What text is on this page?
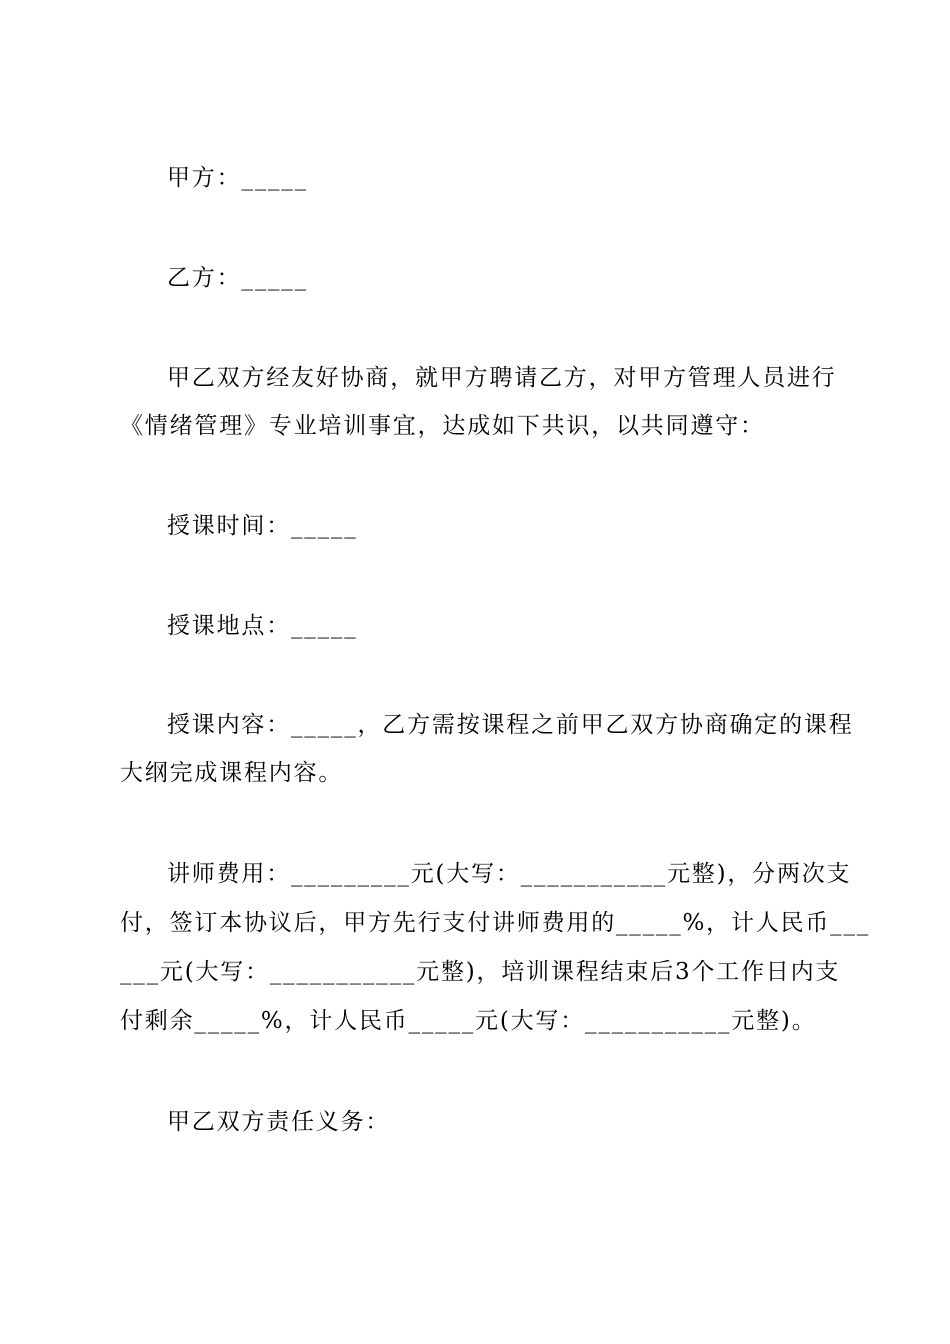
甲方：_____
乙方：_____
甲乙双方经友好协商，就甲方聘请乙方，对甲方管理人员进行
《情绪管理》专业培训事宜，达成如下共识，以共同遵守：
授课时间：_____
授课地点：_____
授课内容：_____，乙方需按课程之前甲乙双方协商确定的课程
大纲完成课程内容。
讲师费用：_________元(大写：___________元整)，分两次支
付，签订本协议后，甲方先行支付讲师费用的_____%，计人民币___
___元(大写：___________元整)，培训课程结束后3个工作日内支
付剩余_____%，计人民币_____元(大写：___________元整)。
甲乙双方责任义务：
